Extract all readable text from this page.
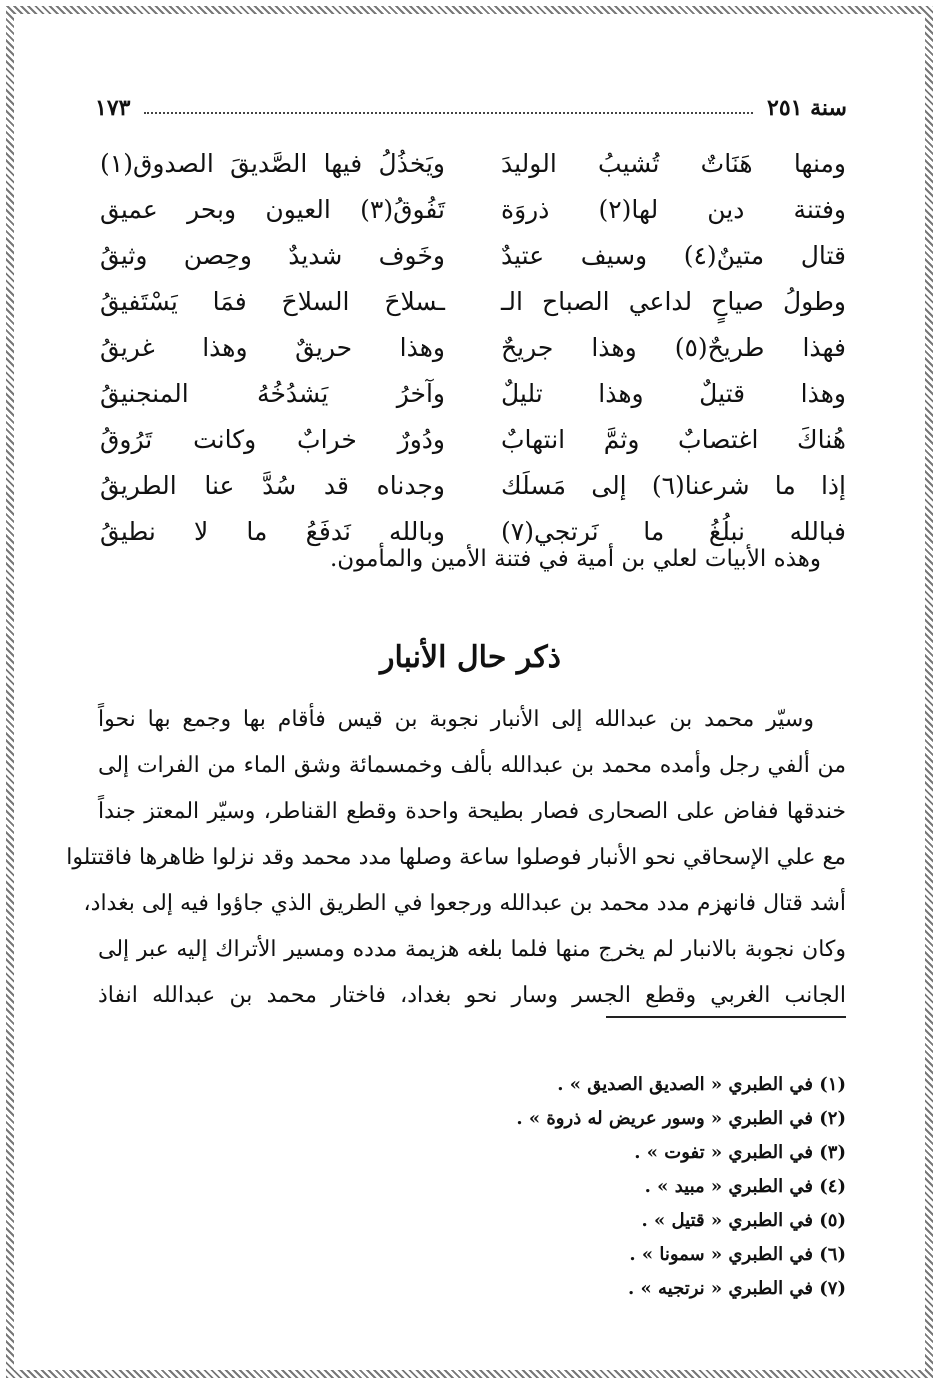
سنة ٢٥١
١٧٣
ومنها هَنَاتٌ تُشيبُ الوليدَ
ويَخذُلُ فيها الصَّديقَ الصدوق(١)
وفتنة دين لها(٢) ذروَة
تَفُوقُ(٣) العيون وبحر عميق
قتال متينٌ(٤) وسيف عتيدٌ
وخَوف شديدٌ وحِصن وثيقُ
وطولُ صياحٍ لداعي الصباح الـ
ـسلاحَ السلاحَ فمَا يَسْتَفيقُ
فهذا طريحٌ(٥) وهذا جريحٌ
وهذا حريقٌ وهذا غريقُ
وهذا قتيلٌ وهذا تليلٌ
وآخرُ يَشدُخُهُ المنجنيقُ
هُناكَ اغتصابٌ وثمَّ انتهابٌ
ودُورٌ خرابٌ وكانت تَرُوقُ
إذا ما شرعنا(٦) إلى مَسلَك
وجدناه قد سُدَّ عنا الطريقُ
فبالله نبلُغُ ما نَرتجي(٧)
وبالله نَدفَعُ ما لا نطيقُ
وهذه الأبيات لعلي بن أمية في فتنة الأمين والمأمون.
ذكر حال الأنبار
وسيّر محمد بن عبدالله إلى الأنبار نجوبة بن قيس فأقام بها وجمع بها نحواً
من ألفي رجل وأمده محمد بن عبدالله بألف وخمسمائة وشق الماء من الفرات إلى
خندقها ففاض على الصحارى فصار بطيحة واحدة وقطع القناطر، وسيّر المعتز جنداً
مع علي الإسحاقي نحو الأنبار فوصلوا ساعة وصلها مدد محمد وقد نزلوا ظاهرها فاقتتلوا
أشد قتال فانهزم مدد محمد بن عبدالله ورجعوا في الطريق الذي جاؤوا فيه إلى بغداد،
وكان نجوبة بالانبار لم يخرج منها فلما بلغه هزيمة مدده ومسير الأتراك إليه عبر إلى
الجانب الغربي وقطع الجسر وسار نحو بغداد، فاختار محمد بن عبدالله انفاذ
(١) في الطبري « الصديق الصديق » .
(٢) في الطبري « وسور عريض له ذروة » .
(٣) في الطبري « تفوت » .
(٤) في الطبري « مبيد » .
(٥) في الطبري « قتيل » .
(٦) في الطبري « سمونا » .
(٧) في الطبري « نرتجيه » .
